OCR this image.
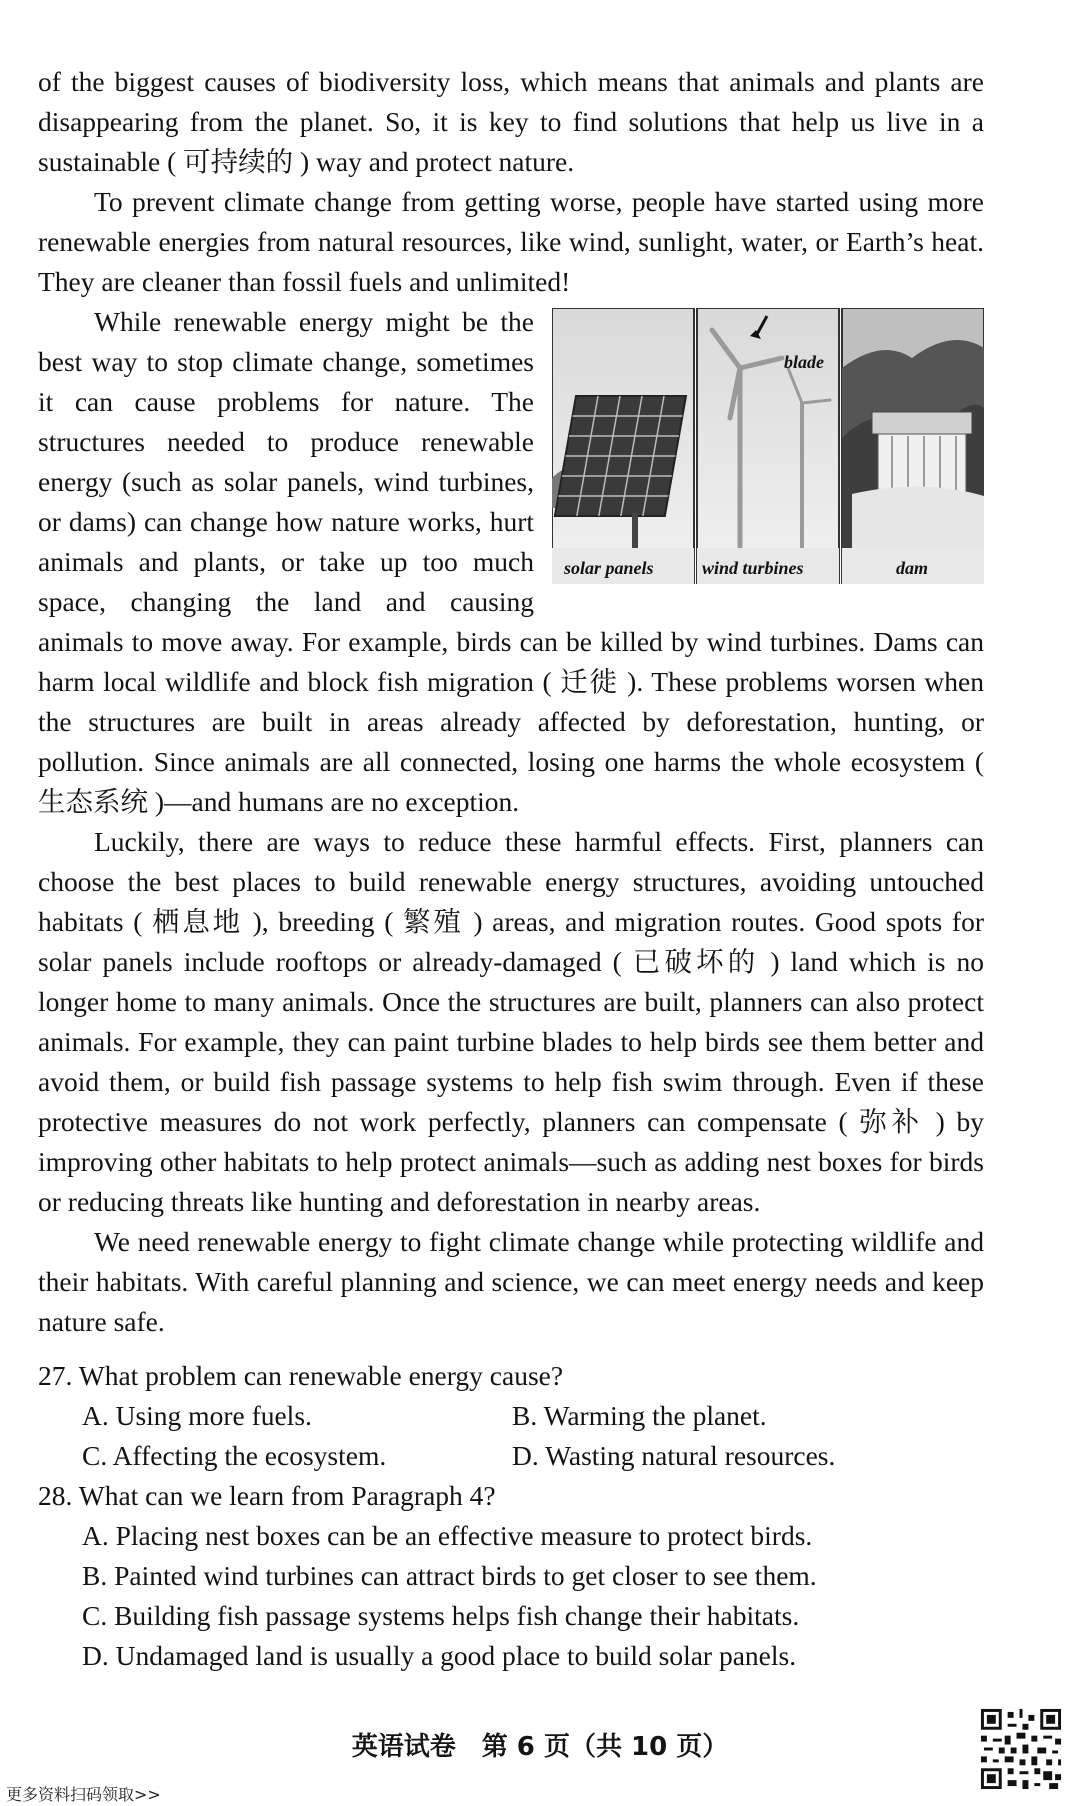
of the biggest causes of biodiversity loss, which means that animals and plants are disappearing from the planet. So, it is key to find solutions that help us live in a sustainable ( 可持续的 ) way and protect nature.

To prevent climate change from getting worse, people have started using more renewable energies from natural resources, like wind, sunlight, water, or Earth’s heat. They are cleaner than fossil fuels and unlimited!

solar panels
blade
wind turbines	dam

While renewable energy might be the best way to stop climate change, sometimes it can cause problems for nature. The structures needed to produce renewable energy (such as solar panels, wind turbines, or dams) can change how nature works, hurt animals and plants, or take up too much space, changing the land and causing animals to move away. For example, birds can be killed by wind turbines. Dams can harm local wildlife and block fish migration ( 迁徙 ). These problems worsen when the structures are built in areas already affected by deforestation, hunting, or pollution. Since animals are all connected, losing one harms the whole ecosystem ( 生态系统 )—and humans are no exception.

Luckily, there are ways to reduce these harmful effects. First, planners can choose the best places to build renewable energy structures, avoiding untouched habitats ( 栖息地 ), breeding ( 繁殖 ) areas, and migration routes. Good spots for solar panels include rooftops or already-damaged ( 已破坏的 ) land which is no longer home to many animals. Once the structures are built, planners can also protect animals. For example, they can paint turbine blades to help birds see them better and avoid them, or build fish passage systems to help fish swim through. Even if these protective measures do not work perfectly, planners can compensate ( 弥补 ) by improving other habitats to help protect animals—such as adding nest boxes for birds or reducing threats like hunting and deforestation in nearby areas.

We need renewable energy to fight climate change while protecting wildlife and their habitats. With careful planning and science, we can meet energy needs and keep nature safe.

27. What problem can renewable energy cause?
A. Using more fuels.	B. Warming the planet.
C. Affecting the ecosystem.	D. Wasting natural resources.
28. What can we learn from Paragraph 4?
A. Placing nest boxes can be an effective measure to protect birds.
B. Painted wind turbines can attract birds to get closer to see them.
C. Building fish passage systems helps fish change their habitats.
D. Undamaged land is usually a good place to build solar panels.
英语试卷　第 6 页（共 10 页）
更多资料扫码领取>>
